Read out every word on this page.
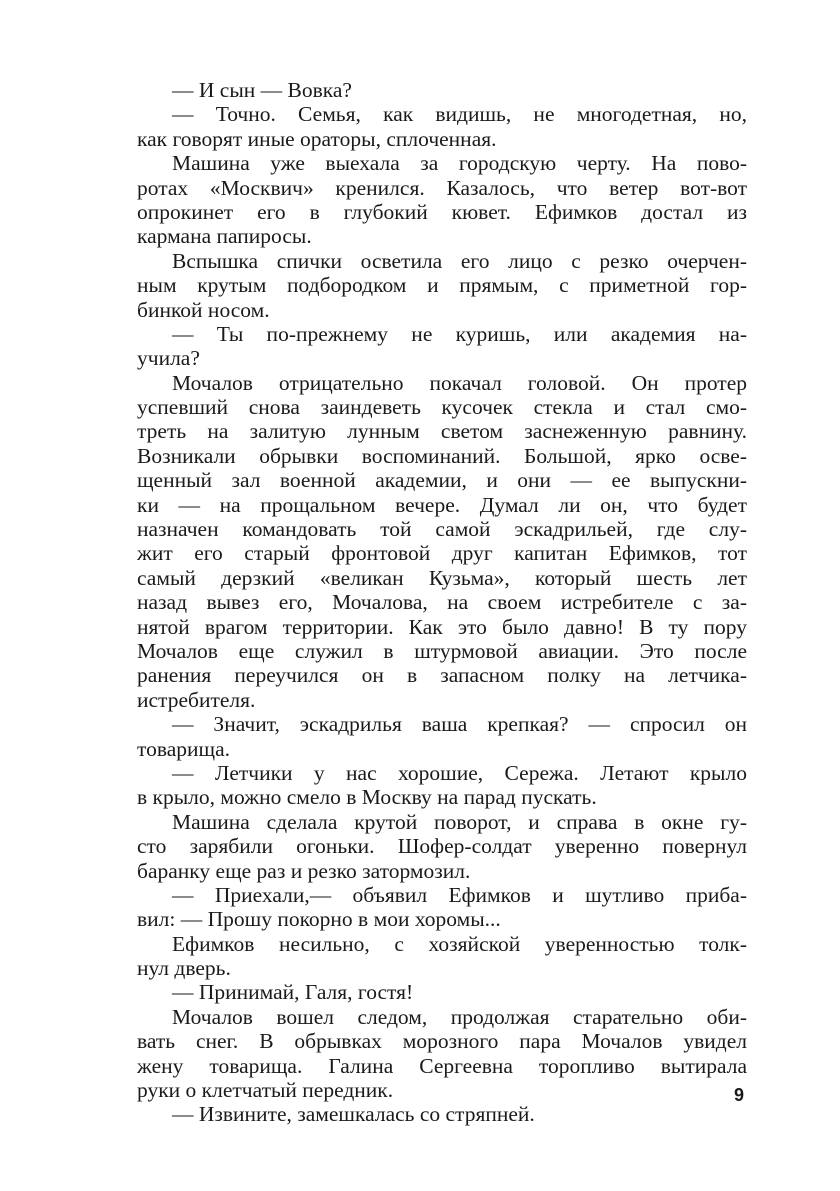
— И сын — Вовка?
— Точно. Семья, как видишь, не многодетная, но,
как говорят иные ораторы, сплоченная.
Машина уже выехала за городскую черту. На пово-
ротах «Москвич» кренился. Казалось, что ветер вот-вот
опрокинет его в глубокий кювет. Ефимков достал из
кармана папиросы.
Вспышка спички осветила его лицо с резко очерчен-
ным крутым подбородком и прямым, с приметной гор-
бинкой носом.
— Ты по-прежнему не куришь, или академия на-
учила?
Мочалов отрицательно покачал головой. Он протер
успевший снова заиндеветь кусочек стекла и стал смо-
треть на залитую лунным светом заснеженную равнину.
Возникали обрывки воспоминаний. Большой, ярко осве-
щенный зал военной академии, и они — ее выпускни-
ки — на прощальном вечере. Думал ли он, что будет
назначен командовать той самой эскадрильей, где слу-
жит его старый фронтовой друг капитан Ефимков, тот
самый дерзкий «великан Кузьма», который шесть лет
назад вывез его, Мочалова, на своем истребителе с за-
нятой врагом территории. Как это было давно! В ту пору
Мочалов еще служил в штурмовой авиации. Это после
ранения переучился он в запасном полку на летчика-
истребителя.
— Значит, эскадрилья ваша крепкая? — спросил он
товарища.
— Летчики у нас хорошие, Сережа. Летают крыло
в крыло, можно смело в Москву на парад пускать.
Машина сделала крутой поворот, и справа в окне гу-
сто зарябили огоньки. Шофер-солдат уверенно повернул
баранку еще раз и резко затормозил.
— Приехали,— объявил Ефимков и шутливо приба-
вил: — Прошу покорно в мои хоромы...
Ефимков несильно, с хозяйской уверенностью толк-
нул дверь.
— Принимай, Галя, гостя!
Мочалов вошел следом, продолжая старательно оби-
вать снег. В обрывках морозного пара Мочалов увидел
жену товарища. Галина Сергеевна торопливо вытирала
руки о клетчатый передник.
— Извините, замешкалась со стряпней.
9
